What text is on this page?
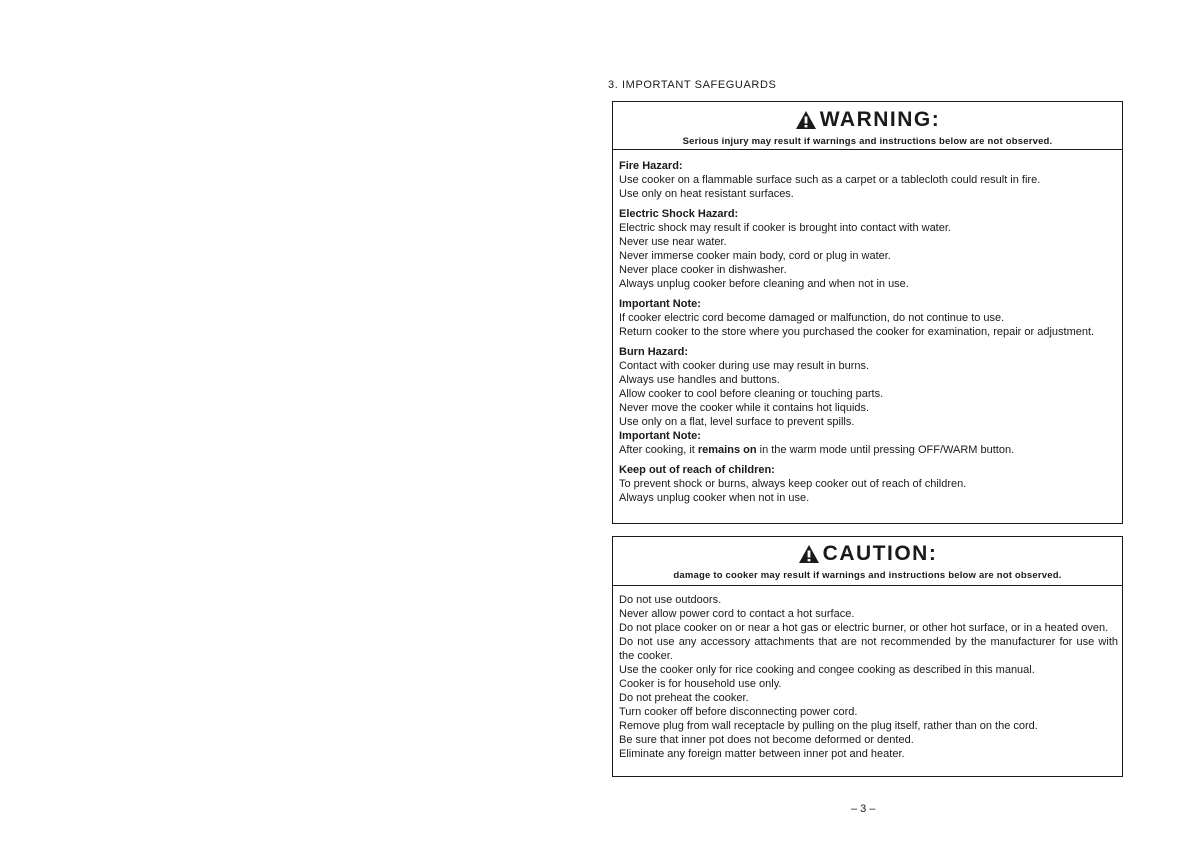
3. IMPORTANT SAFEGUARDS
WARNING:
Serious injury may result if warnings and instructions below are not observed.
Fire Hazard:
Use cooker on a flammable surface such as a carpet or a tablecloth could result in fire.
Use only on heat resistant surfaces.
Electric Shock Hazard:
Electric shock may result if cooker is brought into contact with water.
Never use near water.
Never immerse cooker main body, cord or plug in water.
Never place cooker in dishwasher.
Always unplug cooker before cleaning and when not in use.
Important Note:
If cooker electric cord become damaged or malfunction, do not continue to use.
Return cooker to the store where you purchased the cooker for examination, repair or adjustment.
Burn Hazard:
Contact with cooker during use may result in burns.
Always use handles and buttons.
Allow cooker to cool before cleaning or touching parts.
Never move the cooker while it contains hot liquids.
Use only on a flat, level surface to prevent spills.
Important Note:
After cooking, it remains on in the warm mode until pressing OFF/WARM button.
Keep out of reach of children:
To prevent shock or burns, always keep cooker out of reach of children.
Always unplug cooker when not in use.
CAUTION:
damage to cooker may result if warnings and instructions below are not observed.
Do not use outdoors.
Never allow power cord to contact a hot surface.
Do not place cooker on or near a hot gas or electric burner, or other hot surface, or in a heated oven.
Do not use any accessory attachments that are not recommended by the manufacturer for use with the cooker.
Use the cooker only for rice cooking and congee cooking as described in this manual.
Cooker is for household use only.
Do not preheat the cooker.
Turn cooker off before disconnecting power cord.
Remove plug from wall receptacle by pulling on the plug itself, rather than on the cord.
Be sure that inner pot does not become deformed or dented.
Eliminate any foreign matter between inner pot and heater.
– 3 –
